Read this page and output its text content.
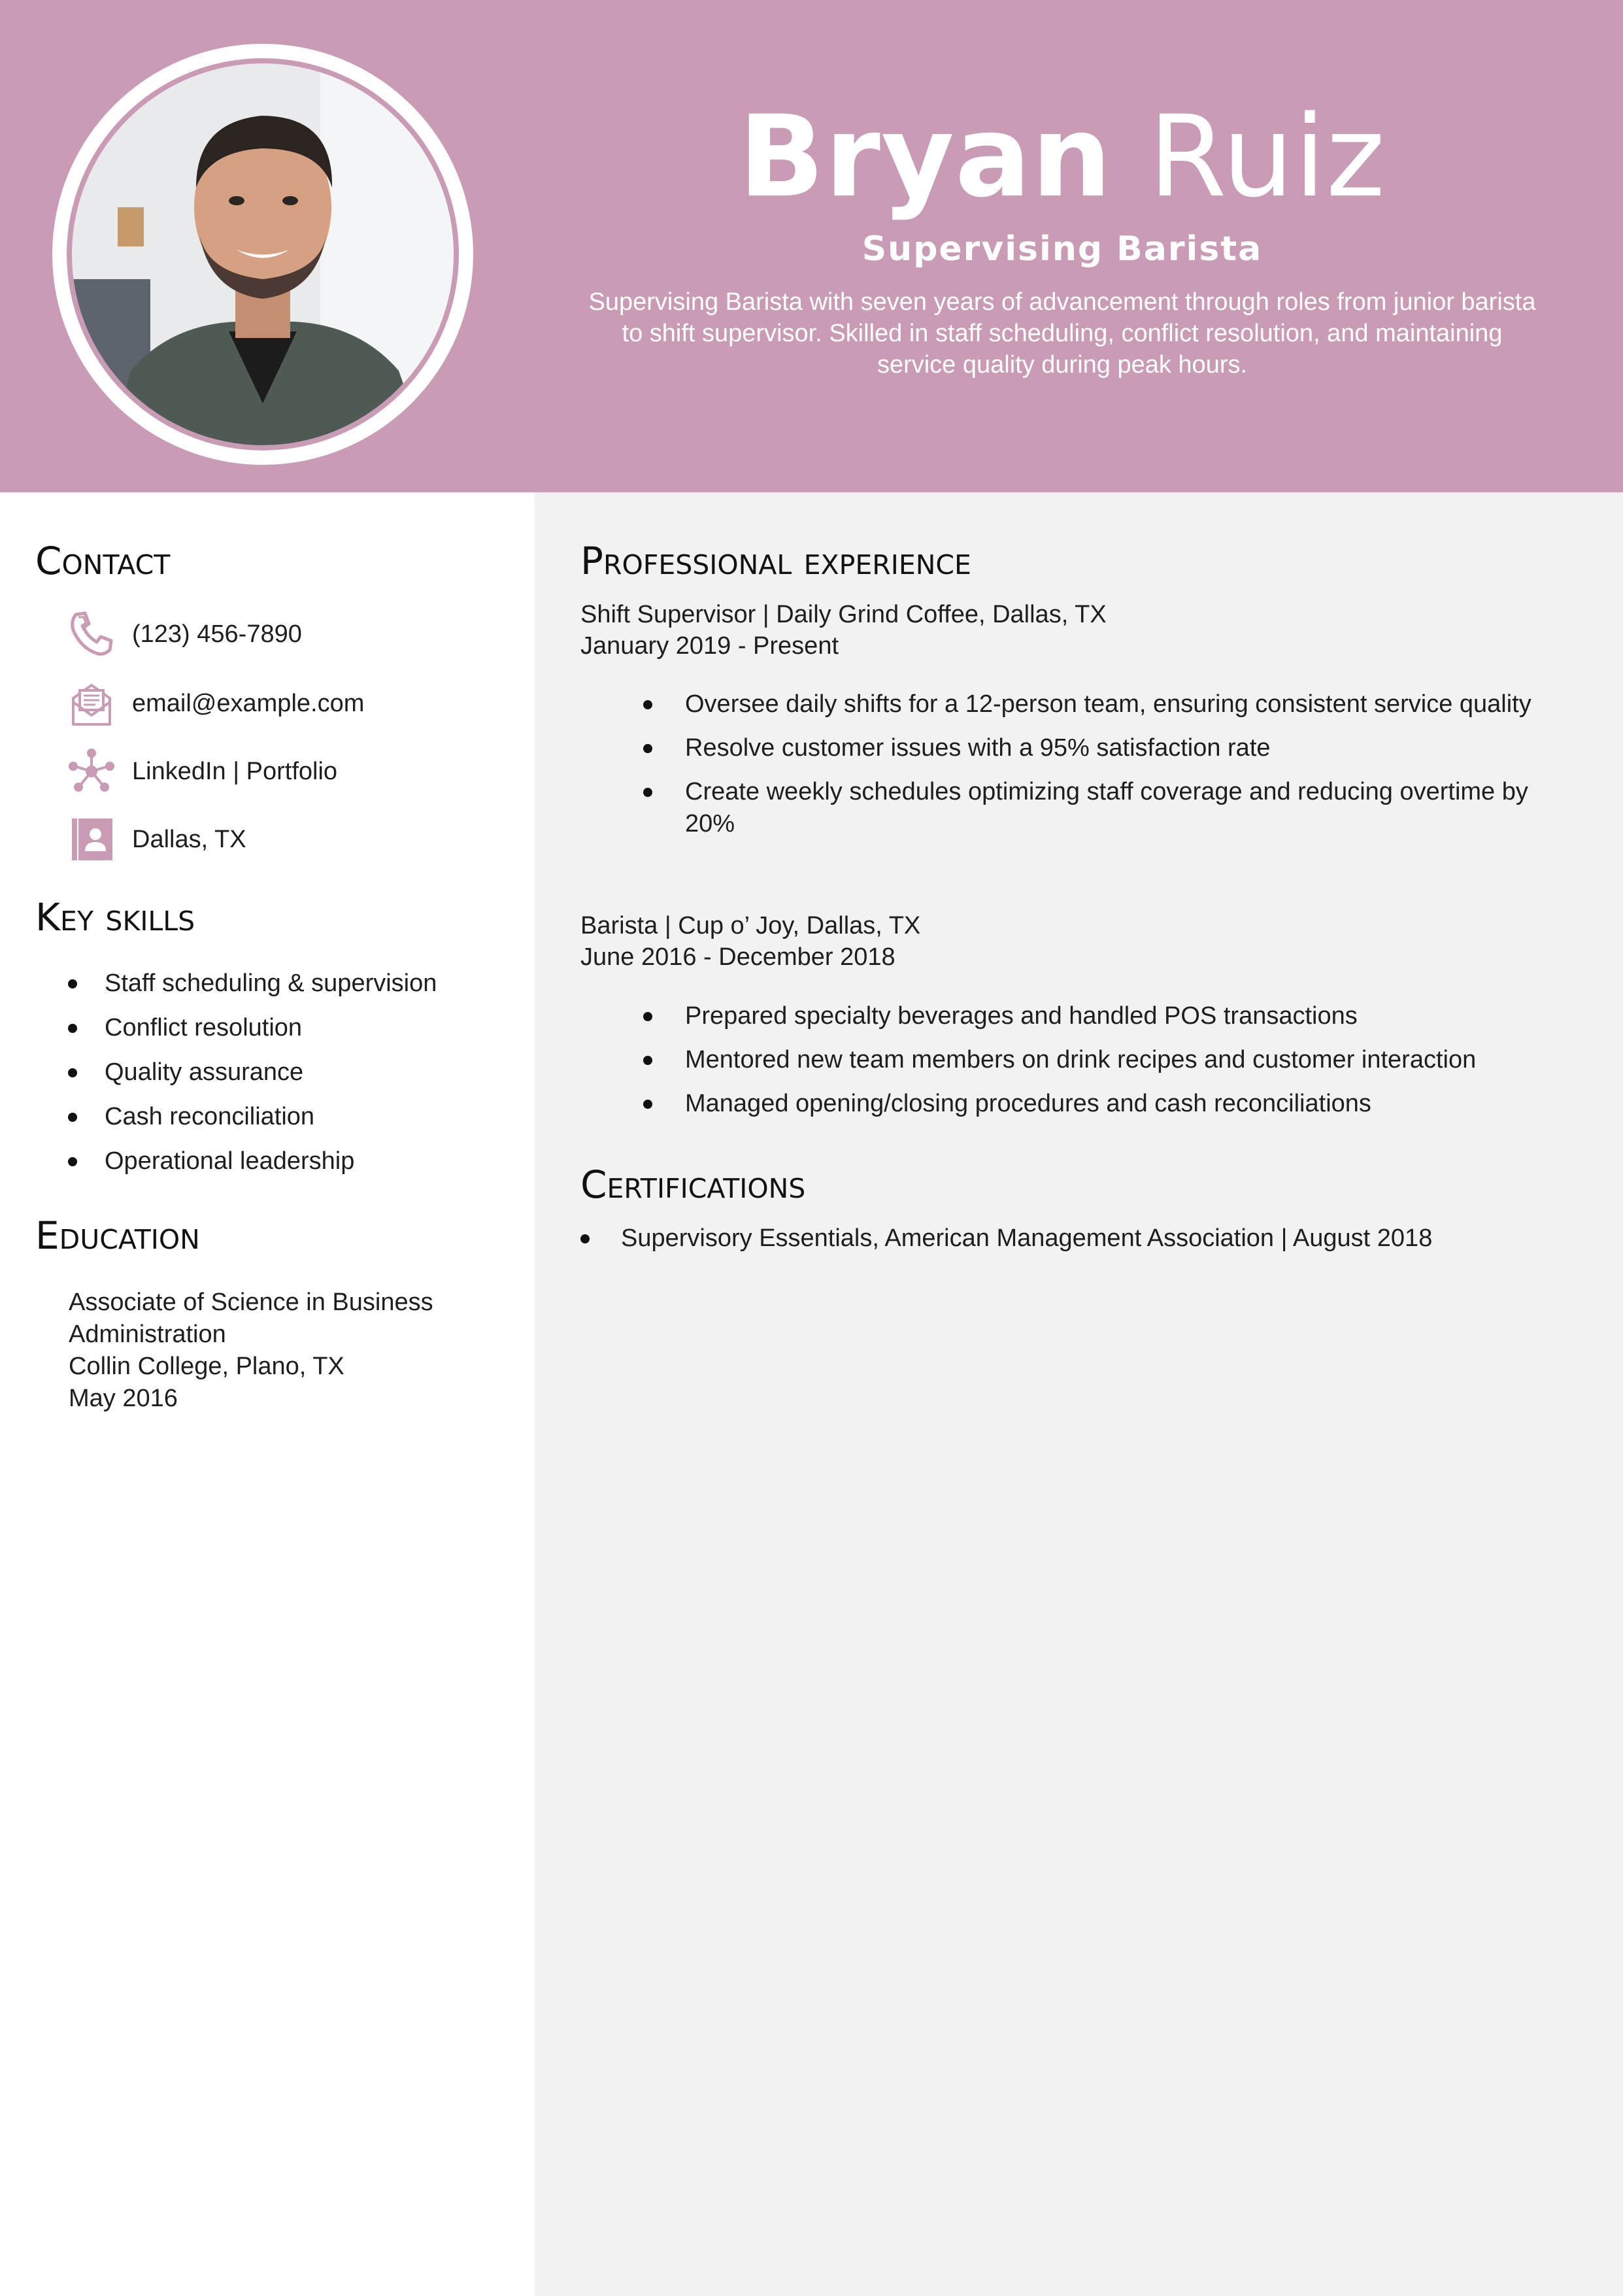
Bryan Ruiz
Supervising Barista
Supervising Barista with seven years of advancement through roles from junior barista to shift supervisor. Skilled in staff scheduling, conflict resolution, and maintaining service quality during peak hours.
Contact
(123) 456-7890
email@example.com
LinkedIn | Portfolio
Dallas, TX
Key skills
Staff scheduling & supervision
Conflict resolution
Quality assurance
Cash reconciliation
Operational leadership
Education
Associate of Science in Business Administration
Collin College, Plano, TX
May 2016
Professional experience
Shift Supervisor | Daily Grind Coffee, Dallas, TX
January 2019 - Present
Oversee daily shifts for a 12-person team, ensuring consistent service quality
Resolve customer issues with a 95% satisfaction rate
Create weekly schedules optimizing staff coverage and reducing overtime by 20%
Barista | Cup o’ Joy, Dallas, TX
June 2016 - December 2018
Prepared specialty beverages and handled POS transactions
Mentored new team members on drink recipes and customer interaction
Managed opening/closing procedures and cash reconciliations
Certifications
Supervisory Essentials, American Management Association | August 2018
